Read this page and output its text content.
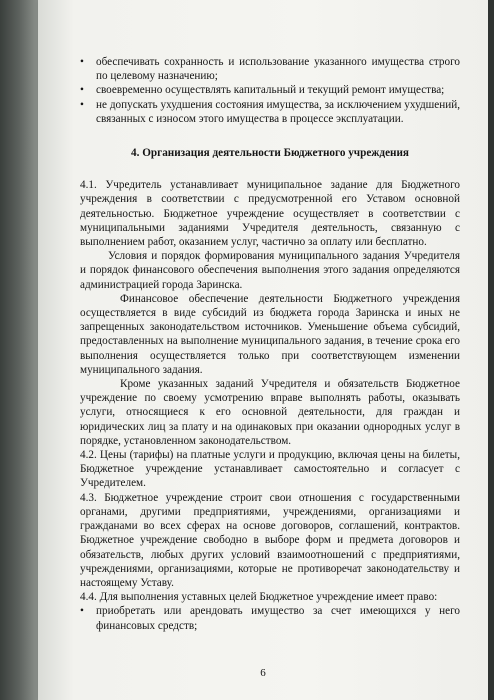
•	обеспечивать сохранность и использование указанного имущества строго по целевому назначению;

•	своевременно осуществлять капитальный и текущий ремонт имущества;

•	не допускать ухудшения состояния имущества, за исключением ухудшений, связанных с износом этого имущества в процессе эксплуатации.

4. Организация деятельности Бюджетного учреждения

4.1. Учредитель устанавливает муниципальное задание для Бюджетного учреждения в соответствии с предусмотренной его Уставом основной деятельностью. Бюджетное учреждение осуществляет в соответствии с муниципальными заданиями Учредителя деятельность, связанную с выполнением работ, оказанием услуг, частично за оплату или бесплатно.

Условия и порядок формирования муниципального задания Учредителя и порядок финансового обеспечения выполнения этого задания определяются администрацией города Заринска.

Финансовое обеспечение деятельности Бюджетного учреждения осуществляется в виде субсидий из бюджета города Заринска и иных не запрещенных законодательством источников. Уменьшение объема субсидий, предоставленных на выполнение муниципального задания, в течение срока его выполнения осуществляется только при соответствующем изменении муниципального задания.

Кроме указанных заданий Учредителя и обязательств Бюджетное учреждение по своему усмотрению вправе выполнять работы, оказывать услуги, относящиеся к его основной деятельности, для граждан и юридических лиц за плату и на одинаковых при оказании однородных услуг в порядке, установленном законодательством.

4.2. Цены (тарифы) на платные услуги и продукцию, включая цены на билеты, Бюджетное учреждение устанавливает самостоятельно и согласует с Учредителем.

4.3. Бюджетное учреждение строит свои отношения с государственными органами, другими предприятиями, учреждениями, организациями и гражданами во всех сферах на основе договоров, соглашений, контрактов. Бюджетное учреждение свободно в выборе форм и предмета договоров и обязательств, любых других условий взаимоотношений с предприятиями, учреждениями, организациями, которые не противоречат законодательству и настоящему Уставу.

4.4. Для выполнения уставных целей Бюджетное учреждение имеет право:

•	приобретать или арендовать имущество за счет имеющихся у него финансовых средств;

6
